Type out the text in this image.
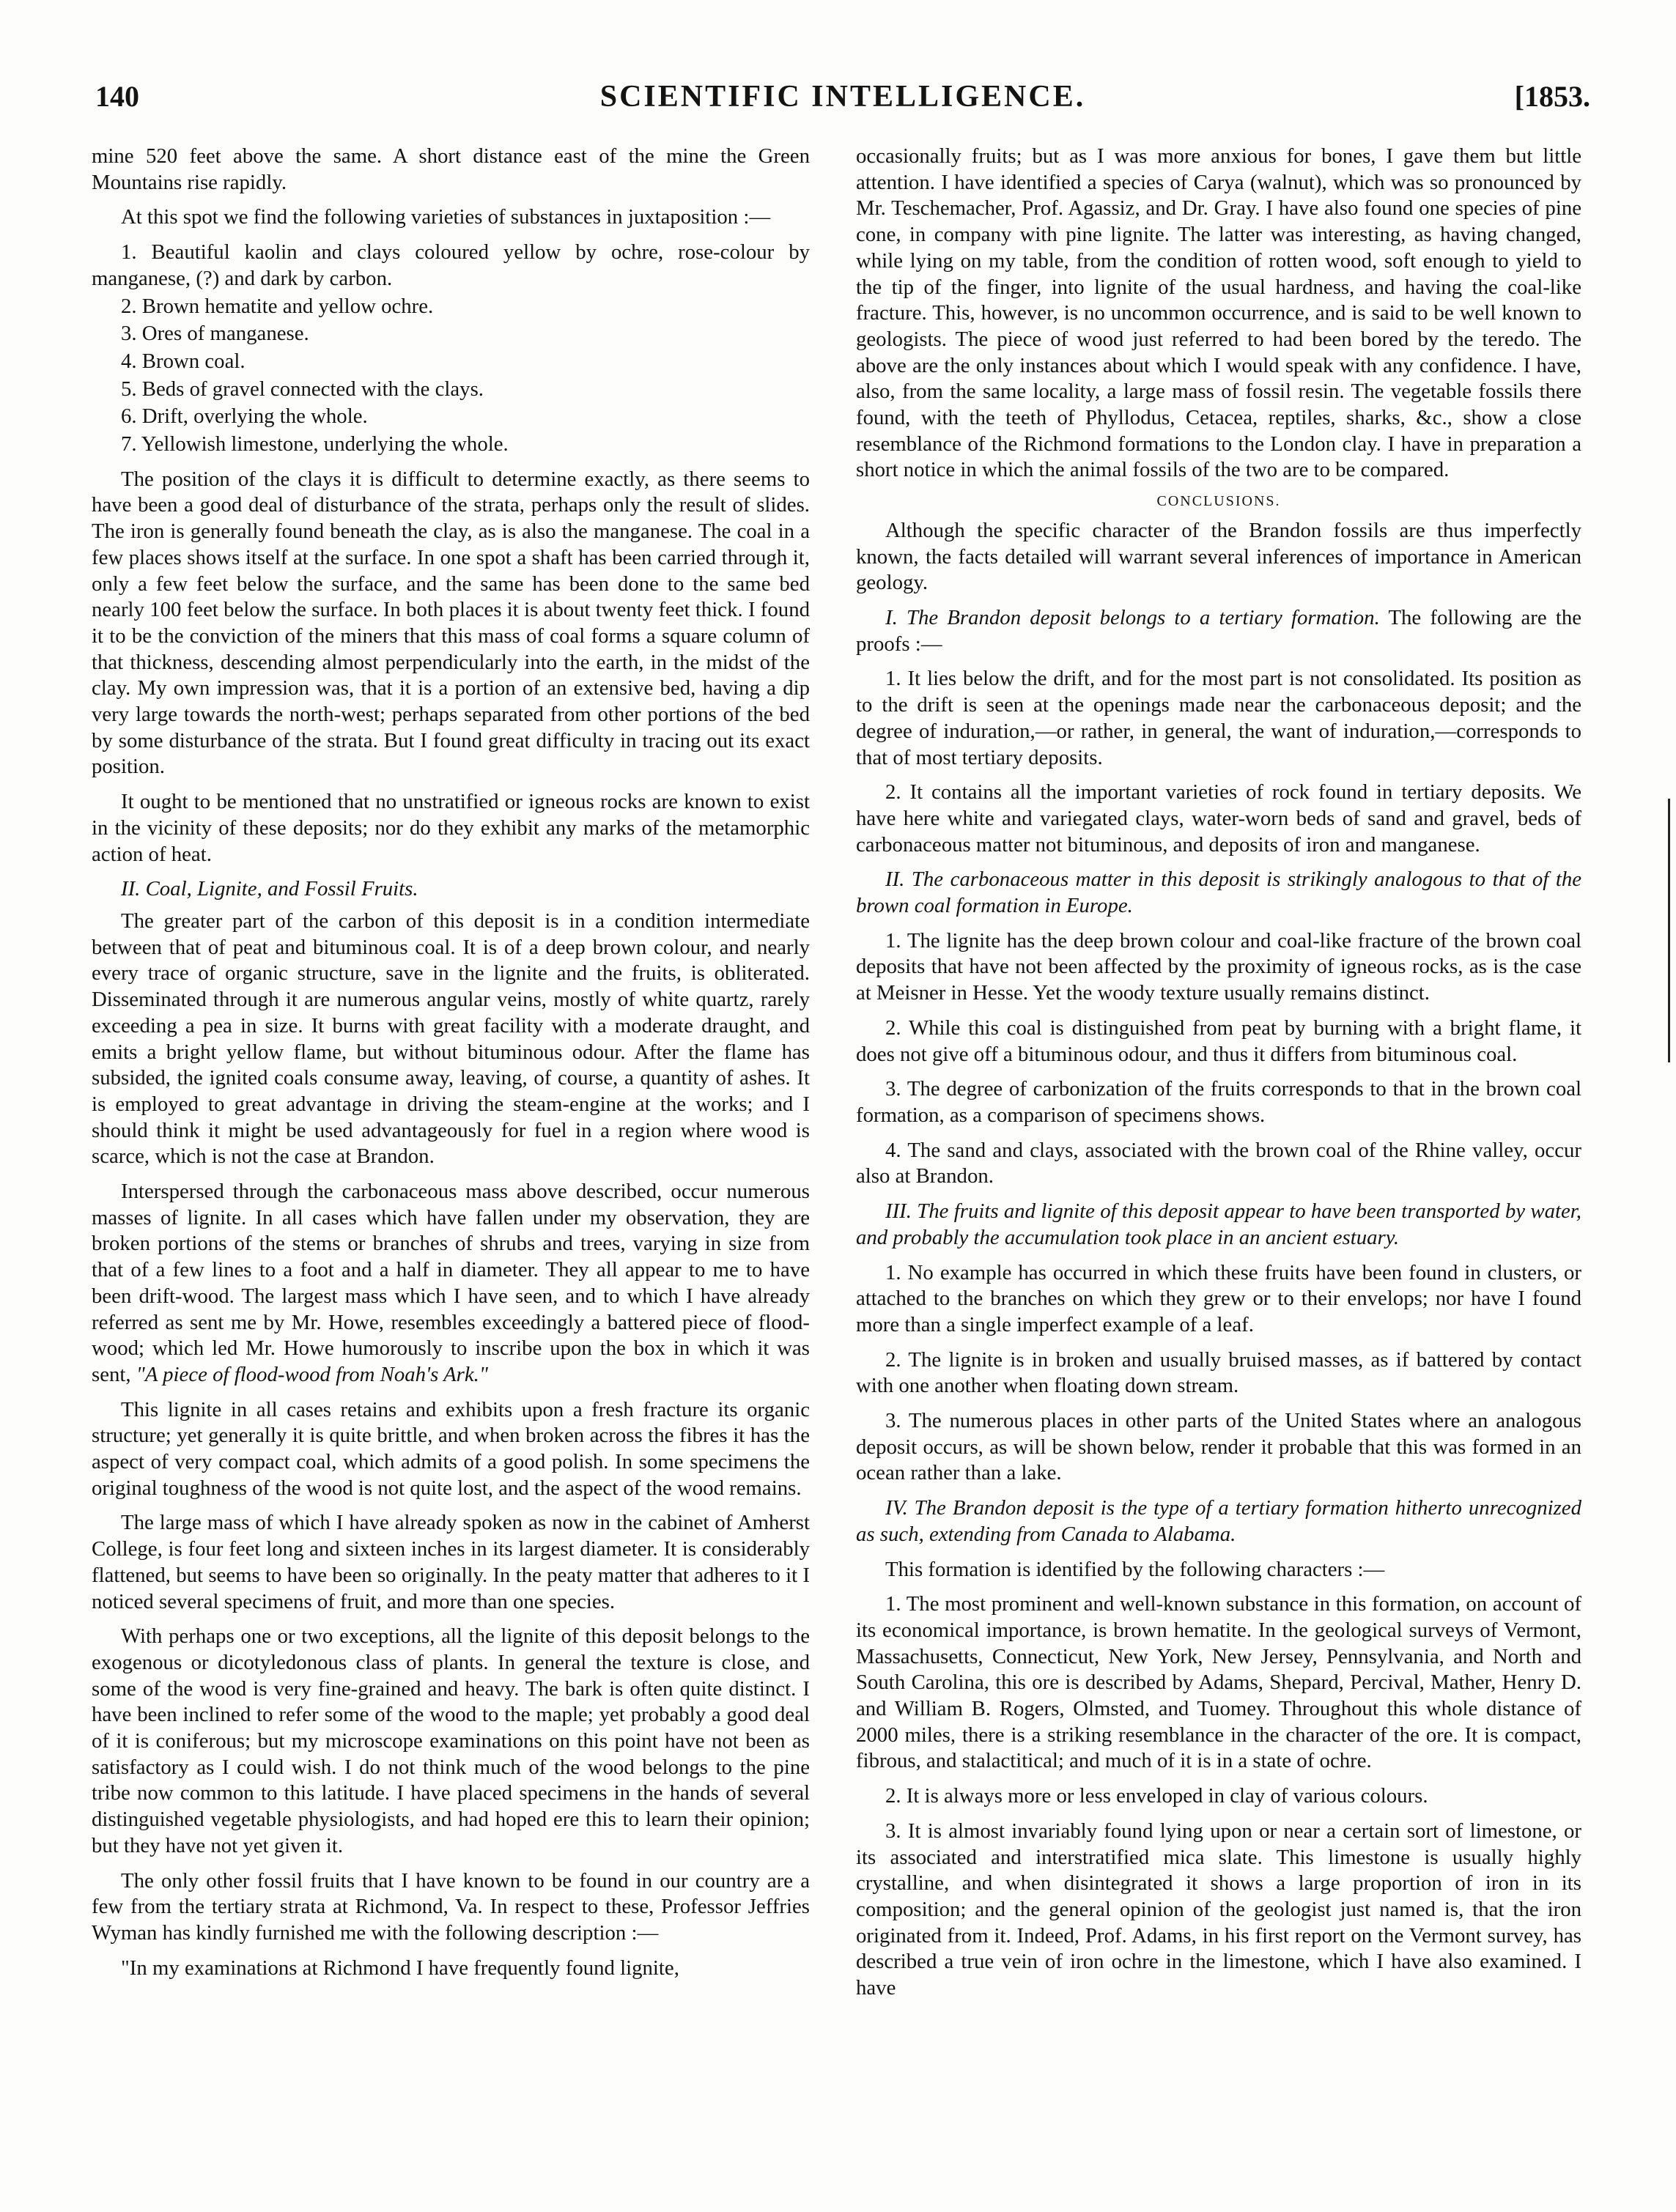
140	SCIENTIFIC INTELLIGENCE.	[1853.

mine 520 feet above the same. A short distance east of the mine the Green Mountains rise rapidly.

At this spot we find the following varieties of substances in juxtaposition :—

1. Beautiful kaolin and clays coloured yellow by ochre, rose-colour by manganese, (?) and dark by carbon.

2. Brown hematite and yellow ochre.

3. Ores of manganese.

4. Brown coal.

5. Beds of gravel connected with the clays.

6. Drift, overlying the whole.

7. Yellowish limestone, underlying the whole.

The position of the clays it is difficult to determine exactly, as there seems to have been a good deal of disturbance of the strata, perhaps only the result of slides. The iron is generally found beneath the clay, as is also the manganese. The coal in a few places shows itself at the surface. In one spot a shaft has been carried through it, only a few feet below the surface, and the same has been done to the same bed nearly 100 feet below the surface. In both places it is about twenty feet thick. I found it to be the conviction of the miners that this mass of coal forms a square column of that thickness, descending almost perpendicularly into the earth, in the midst of the clay. My own impression was, that it is a portion of an extensive bed, having a dip very large towards the north-west; perhaps separated from other portions of the bed by some disturbance of the strata. But I found great difficulty in tracing out its exact position.

It ought to be mentioned that no unstratified or igneous rocks are known to exist in the vicinity of these deposits; nor do they exhibit any marks of the metamorphic action of heat.

II. Coal, Lignite, and Fossil Fruits.

The greater part of the carbon of this deposit is in a condition intermediate between that of peat and bituminous coal. It is of a deep brown colour, and nearly every trace of organic structure, save in the lignite and the fruits, is obliterated. Disseminated through it are numerous angular veins, mostly of white quartz, rarely exceeding a pea in size. It burns with great facility with a moderate draught, and emits a bright yellow flame, but without bituminous odour. After the flame has subsided, the ignited coals consume away, leaving, of course, a quantity of ashes. It is employed to great advantage in driving the steam-engine at the works; and I should think it might be used advantageously for fuel in a region where wood is scarce, which is not the case at Brandon.

Interspersed through the carbonaceous mass above described, occur numerous masses of lignite. In all cases which have fallen under my observation, they are broken portions of the stems or branches of shrubs and trees, varying in size from that of a few lines to a foot and a half in diameter. They all appear to me to have been drift-wood. The largest mass which I have seen, and to which I have already referred as sent me by Mr. Howe, resembles exceedingly a battered piece of flood-wood; which led Mr. Howe humorously to inscribe upon the box in which it was sent, "A piece of flood-wood from Noah's Ark."

This lignite in all cases retains and exhibits upon a fresh fracture its organic structure; yet generally it is quite brittle, and when broken across the fibres it has the aspect of very compact coal, which admits of a good polish. In some specimens the original toughness of the wood is not quite lost, and the aspect of the wood remains.

The large mass of which I have already spoken as now in the cabinet of Amherst College, is four feet long and sixteen inches in its largest diameter. It is considerably flattened, but seems to have been so originally. In the peaty matter that adheres to it I noticed several specimens of fruit, and more than one species.

With perhaps one or two exceptions, all the lignite of this deposit belongs to the exogenous or dicotyledonous class of plants. In general the texture is close, and some of the wood is very fine-grained and heavy. The bark is often quite distinct. I have been inclined to refer some of the wood to the maple; yet probably a good deal of it is coniferous; but my microscope examinations on this point have not been as satisfactory as I could wish. I do not think much of the wood belongs to the pine tribe now common to this latitude. I have placed specimens in the hands of several distinguished vegetable physiologists, and had hoped ere this to learn their opinion; but they have not yet given it.

The only other fossil fruits that I have known to be found in our country are a few from the tertiary strata at Richmond, Va. In respect to these, Professor Jeffries Wyman has kindly furnished me with the following description :—

"In my examinations at Richmond I have frequently found lignite,

occasionally fruits; but as I was more anxious for bones, I gave them but little attention. I have identified a species of Carya (walnut), which was so pronounced by Mr. Teschemacher, Prof. Agassiz, and Dr. Gray. I have also found one species of pine cone, in company with pine lignite. The latter was interesting, as having changed, while lying on my table, from the condition of rotten wood, soft enough to yield to the tip of the finger, into lignite of the usual hardness, and having the coal-like fracture. This, however, is no uncommon occurrence, and is said to be well known to geologists. The piece of wood just referred to had been bored by the teredo. The above are the only instances about which I would speak with any confidence. I have, also, from the same locality, a large mass of fossil resin. The vegetable fossils there found, with the teeth of Phyllodus, Cetacea, reptiles, sharks, &c., show a close resemblance of the Richmond formations to the London clay. I have in preparation a short notice in which the animal fossils of the two are to be compared.

CONCLUSIONS.

Although the specific character of the Brandon fossils are thus imperfectly known, the facts detailed will warrant several inferences of importance in American geology.

I. The Brandon deposit belongs to a tertiary formation. The following are the proofs :—

1. It lies below the drift, and for the most part is not consolidated. Its position as to the drift is seen at the openings made near the carbonaceous deposit; and the degree of induration,—or rather, in general, the want of induration,—corresponds to that of most tertiary deposits.

2. It contains all the important varieties of rock found in tertiary deposits. We have here white and variegated clays, water-worn beds of sand and gravel, beds of carbonaceous matter not bituminous, and deposits of iron and manganese.

II. The carbonaceous matter in this deposit is strikingly analogous to that of the brown coal formation in Europe.

1. The lignite has the deep brown colour and coal-like fracture of the brown coal deposits that have not been affected by the proximity of igneous rocks, as is the case at Meisner in Hesse. Yet the woody texture usually remains distinct.

2. While this coal is distinguished from peat by burning with a bright flame, it does not give off a bituminous odour, and thus it differs from bituminous coal.

3. The degree of carbonization of the fruits corresponds to that in the brown coal formation, as a comparison of specimens shows.

4. The sand and clays, associated with the brown coal of the Rhine valley, occur also at Brandon.

III. The fruits and lignite of this deposit appear to have been transported by water, and probably the accumulation took place in an ancient estuary.

1. No example has occurred in which these fruits have been found in clusters, or attached to the branches on which they grew or to their envelops; nor have I found more than a single imperfect example of a leaf.

2. The lignite is in broken and usually bruised masses, as if battered by contact with one another when floating down stream.

3. The numerous places in other parts of the United States where an analogous deposit occurs, as will be shown below, render it probable that this was formed in an ocean rather than a lake.

IV. The Brandon deposit is the type of a tertiary formation hitherto unrecognized as such, extending from Canada to Alabama.

This formation is identified by the following characters :—

1. The most prominent and well-known substance in this formation, on account of its economical importance, is brown hematite. In the geological surveys of Vermont, Massachusetts, Connecticut, New York, New Jersey, Pennsylvania, and North and South Carolina, this ore is described by Adams, Shepard, Percival, Mather, Henry D. and William B. Rogers, Olmsted, and Tuomey. Throughout this whole distance of 2000 miles, there is a striking resemblance in the character of the ore. It is compact, fibrous, and stalactitical; and much of it is in a state of ochre.

2. It is always more or less enveloped in clay of various colours.

3. It is almost invariably found lying upon or near a certain sort of limestone, or its associated and interstratified mica slate. This limestone is usually highly crystalline, and when disintegrated it shows a large proportion of iron in its composition; and the general opinion of the geologist just named is, that the iron originated from it. Indeed, Prof. Adams, in his first report on the Vermont survey, has described a true vein of iron ochre in the limestone, which I have also examined. I have
